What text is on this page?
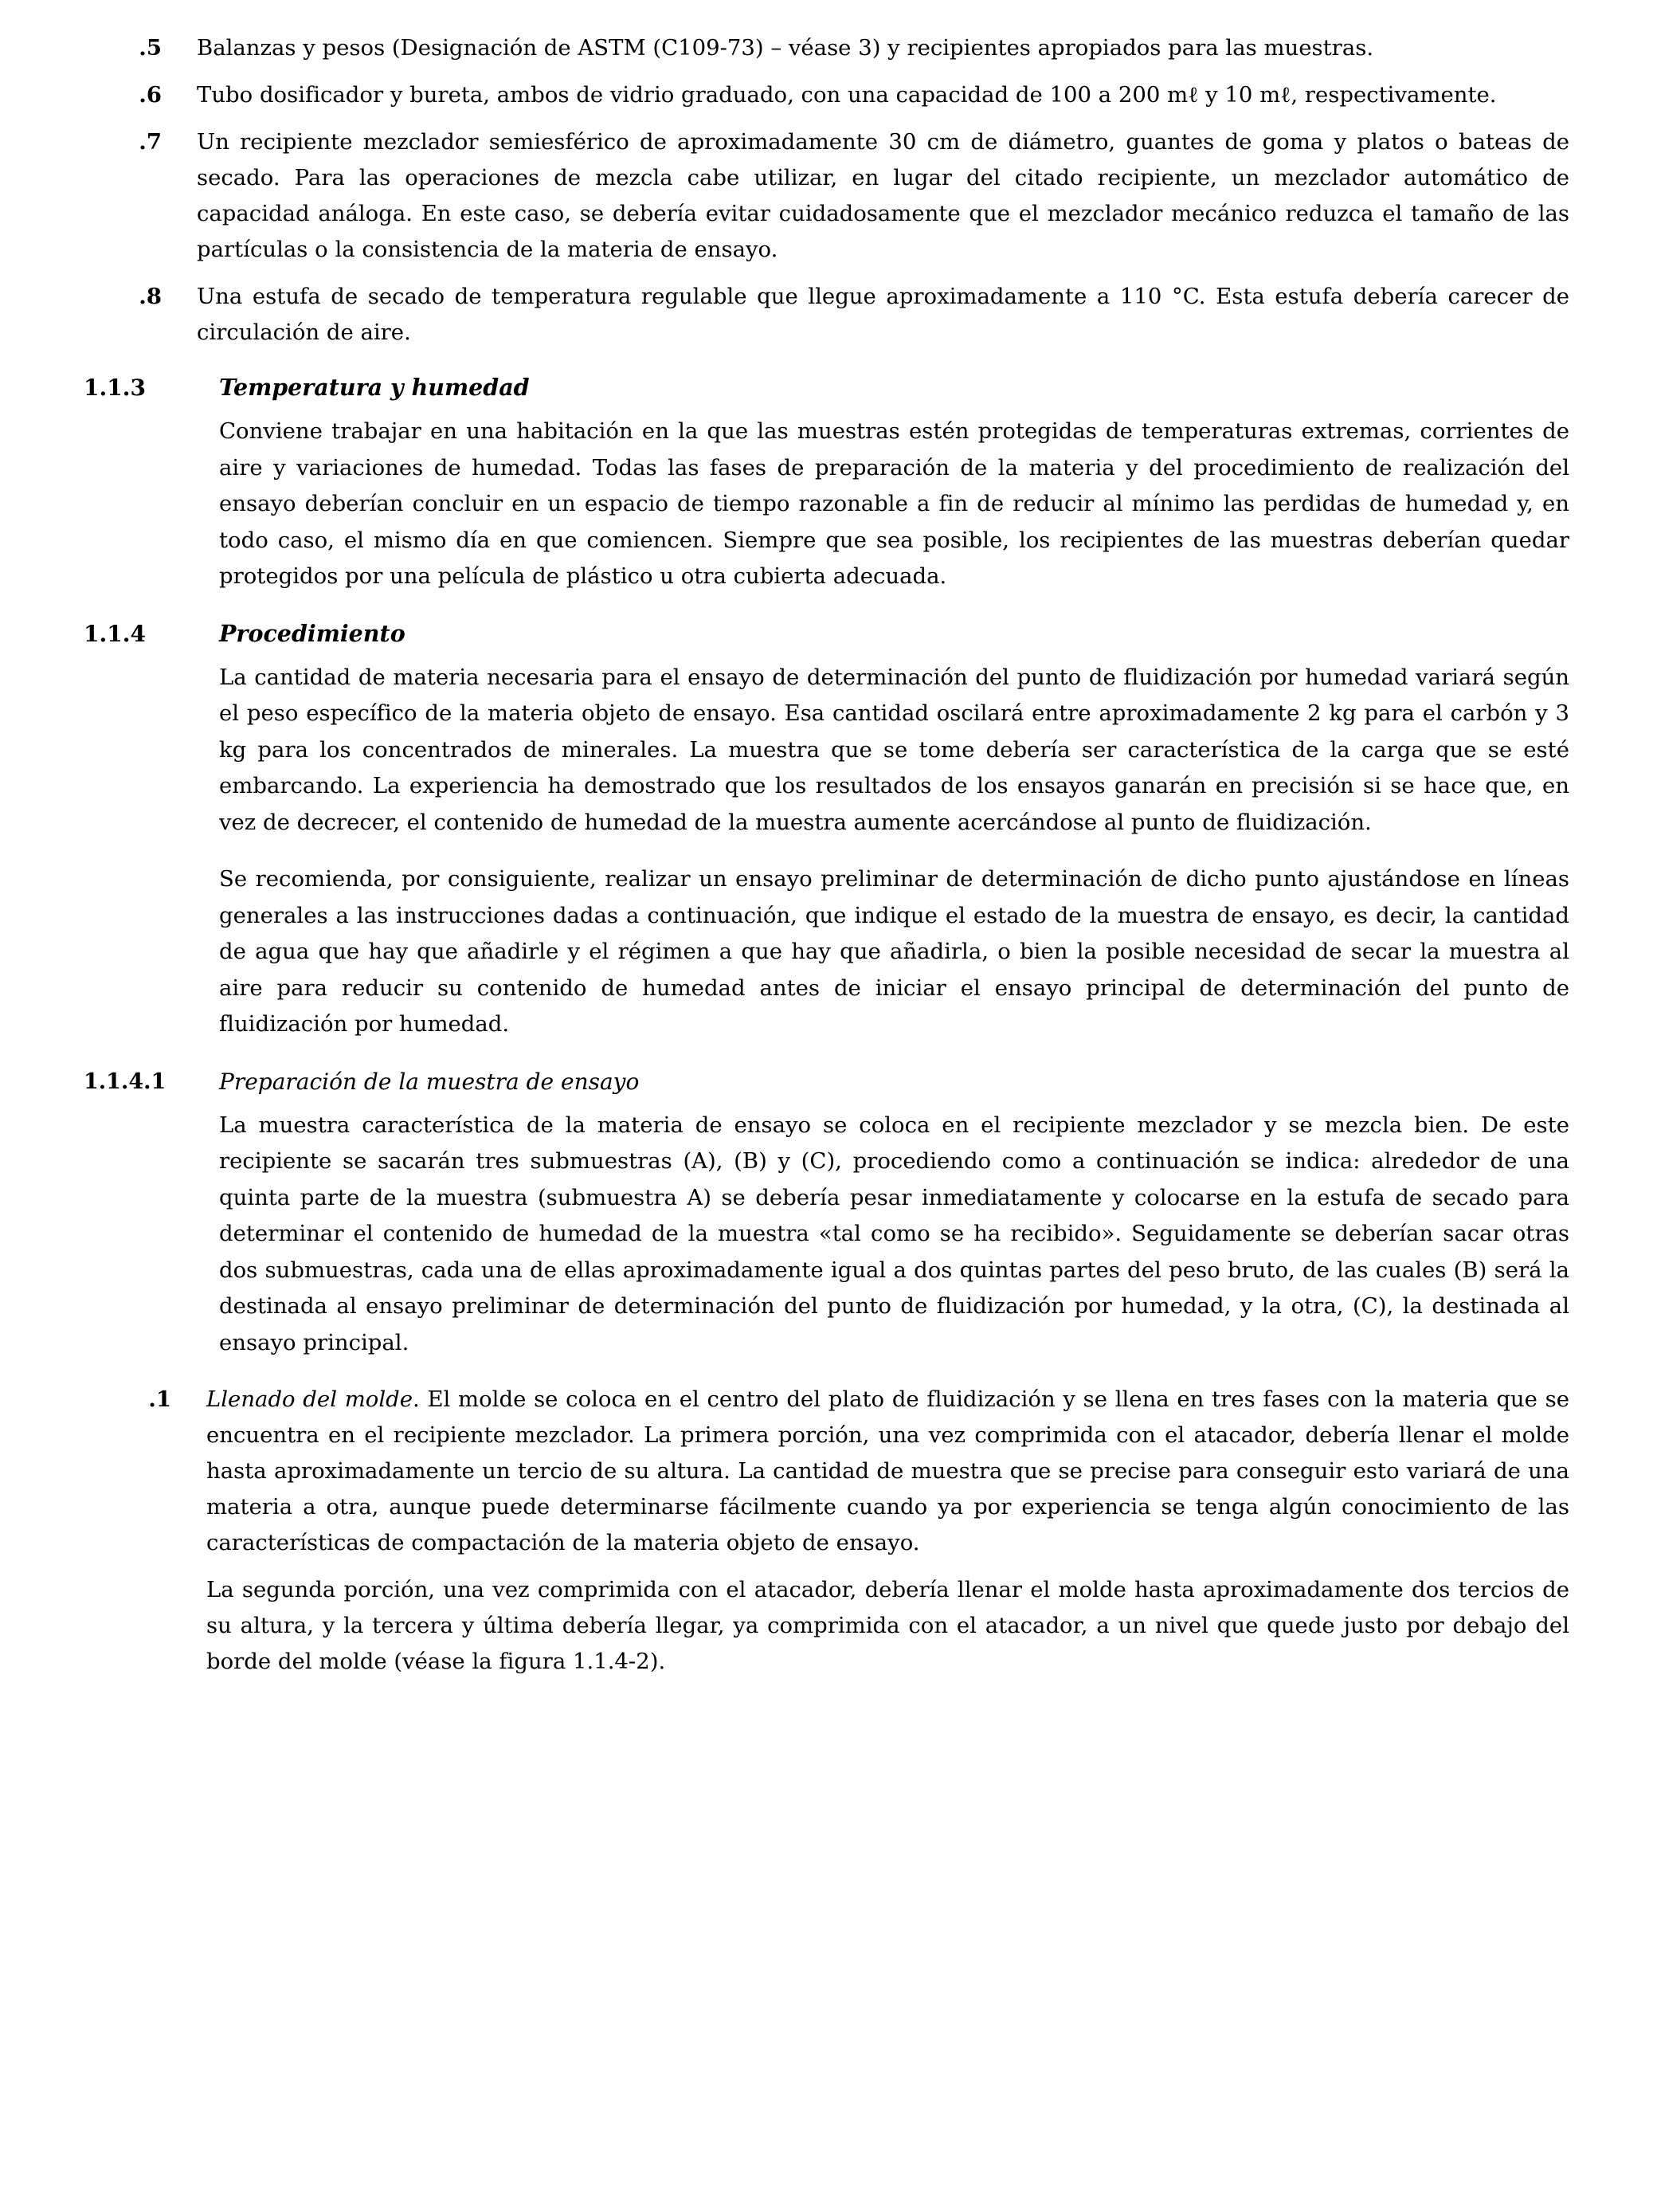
.5	Balanzas y pesos (Designación de ASTM (C109-73) – véase 3) y recipientes apropiados para las muestras.
.6	Tubo dosificador y bureta, ambos de vidrio graduado, con una capacidad de 100 a 200 mℓ y 10 mℓ, respectivamente.
.7	Un recipiente mezclador semiesférico de aproximadamente 30 cm de diámetro, guantes de goma y platos o bateas de secado. Para las operaciones de mezcla cabe utilizar, en lugar del citado recipiente, un mezclador automático de capacidad análoga. En este caso, se debería evitar cuidadosamente que el mezclador mecánico reduzca el tamaño de las partículas o la consistencia de la materia de ensayo.
.8	Una estufa de secado de temperatura regulable que llegue aproximadamente a 110 °C. Esta estufa debería carecer de circulación de aire.
1.1.3	Temperatura y humedad
Conviene trabajar en una habitación en la que las muestras estén protegidas de temperaturas extremas, corrientes de aire y variaciones de humedad. Todas las fases de preparación de la materia y del procedimiento de realización del ensayo deberían concluir en un espacio de tiempo razonable a fin de reducir al mínimo las perdidas de humedad y, en todo caso, el mismo día en que comiencen. Siempre que sea posible, los recipientes de las muestras deberían quedar protegidos por una película de plástico u otra cubierta adecuada.
1.1.4	Procedimiento
La cantidad de materia necesaria para el ensayo de determinación del punto de fluidización por humedad variará según el peso específico de la materia objeto de ensayo. Esa cantidad oscilará entre aproximadamente 2 kg para el carbón y 3 kg para los concentrados de minerales. La muestra que se tome debería ser característica de la carga que se esté embarcando. La experiencia ha demostrado que los resultados de los ensayos ganarán en precisión si se hace que, en vez de decrecer, el contenido de humedad de la muestra aumente acercándose al punto de fluidización.
Se recomienda, por consiguiente, realizar un ensayo preliminar de determinación de dicho punto ajustándose en líneas generales a las instrucciones dadas a continuación, que indique el estado de la muestra de ensayo, es decir, la cantidad de agua que hay que añadirle y el régimen a que hay que añadirla, o bien la posible necesidad de secar la muestra al aire para reducir su contenido de humedad antes de iniciar el ensayo principal de determinación del punto de fluidización por humedad.
1.1.4.1	Preparación de la muestra de ensayo
La muestra característica de la materia de ensayo se coloca en el recipiente mezclador y se mezcla bien. De este recipiente se sacarán tres submuestras (A), (B) y (C), procediendo como a continuación se indica: alrededor de una quinta parte de la muestra (submuestra A) se debería pesar inmediatamente y colocarse en la estufa de secado para determinar el contenido de humedad de la muestra «tal como se ha recibido». Seguidamente se deberían sacar otras dos submuestras, cada una de ellas aproximadamente igual a dos quintas partes del peso bruto, de las cuales (B) será la destinada al ensayo preliminar de determinación del punto de fluidización por humedad, y la otra, (C), la destinada al ensayo principal.
.1	Llenado del molde. El molde se coloca en el centro del plato de fluidización y se llena en tres fases con la materia que se encuentra en el recipiente mezclador. La primera porción, una vez comprimida con el atacador, debería llenar el molde hasta aproximadamente un tercio de su altura. La cantidad de muestra que se precise para conseguir esto variará de una materia a otra, aunque puede determinarse fácilmente cuando ya por experiencia se tenga algún conocimiento de las características de compactación de la materia objeto de ensayo.
La segunda porción, una vez comprimida con el atacador, debería llenar el molde hasta aproximadamente dos tercios de su altura, y la tercera y última debería llegar, ya comprimida con el atacador, a un nivel que quede justo por debajo del borde del molde (véase la figura 1.1.4-2).
